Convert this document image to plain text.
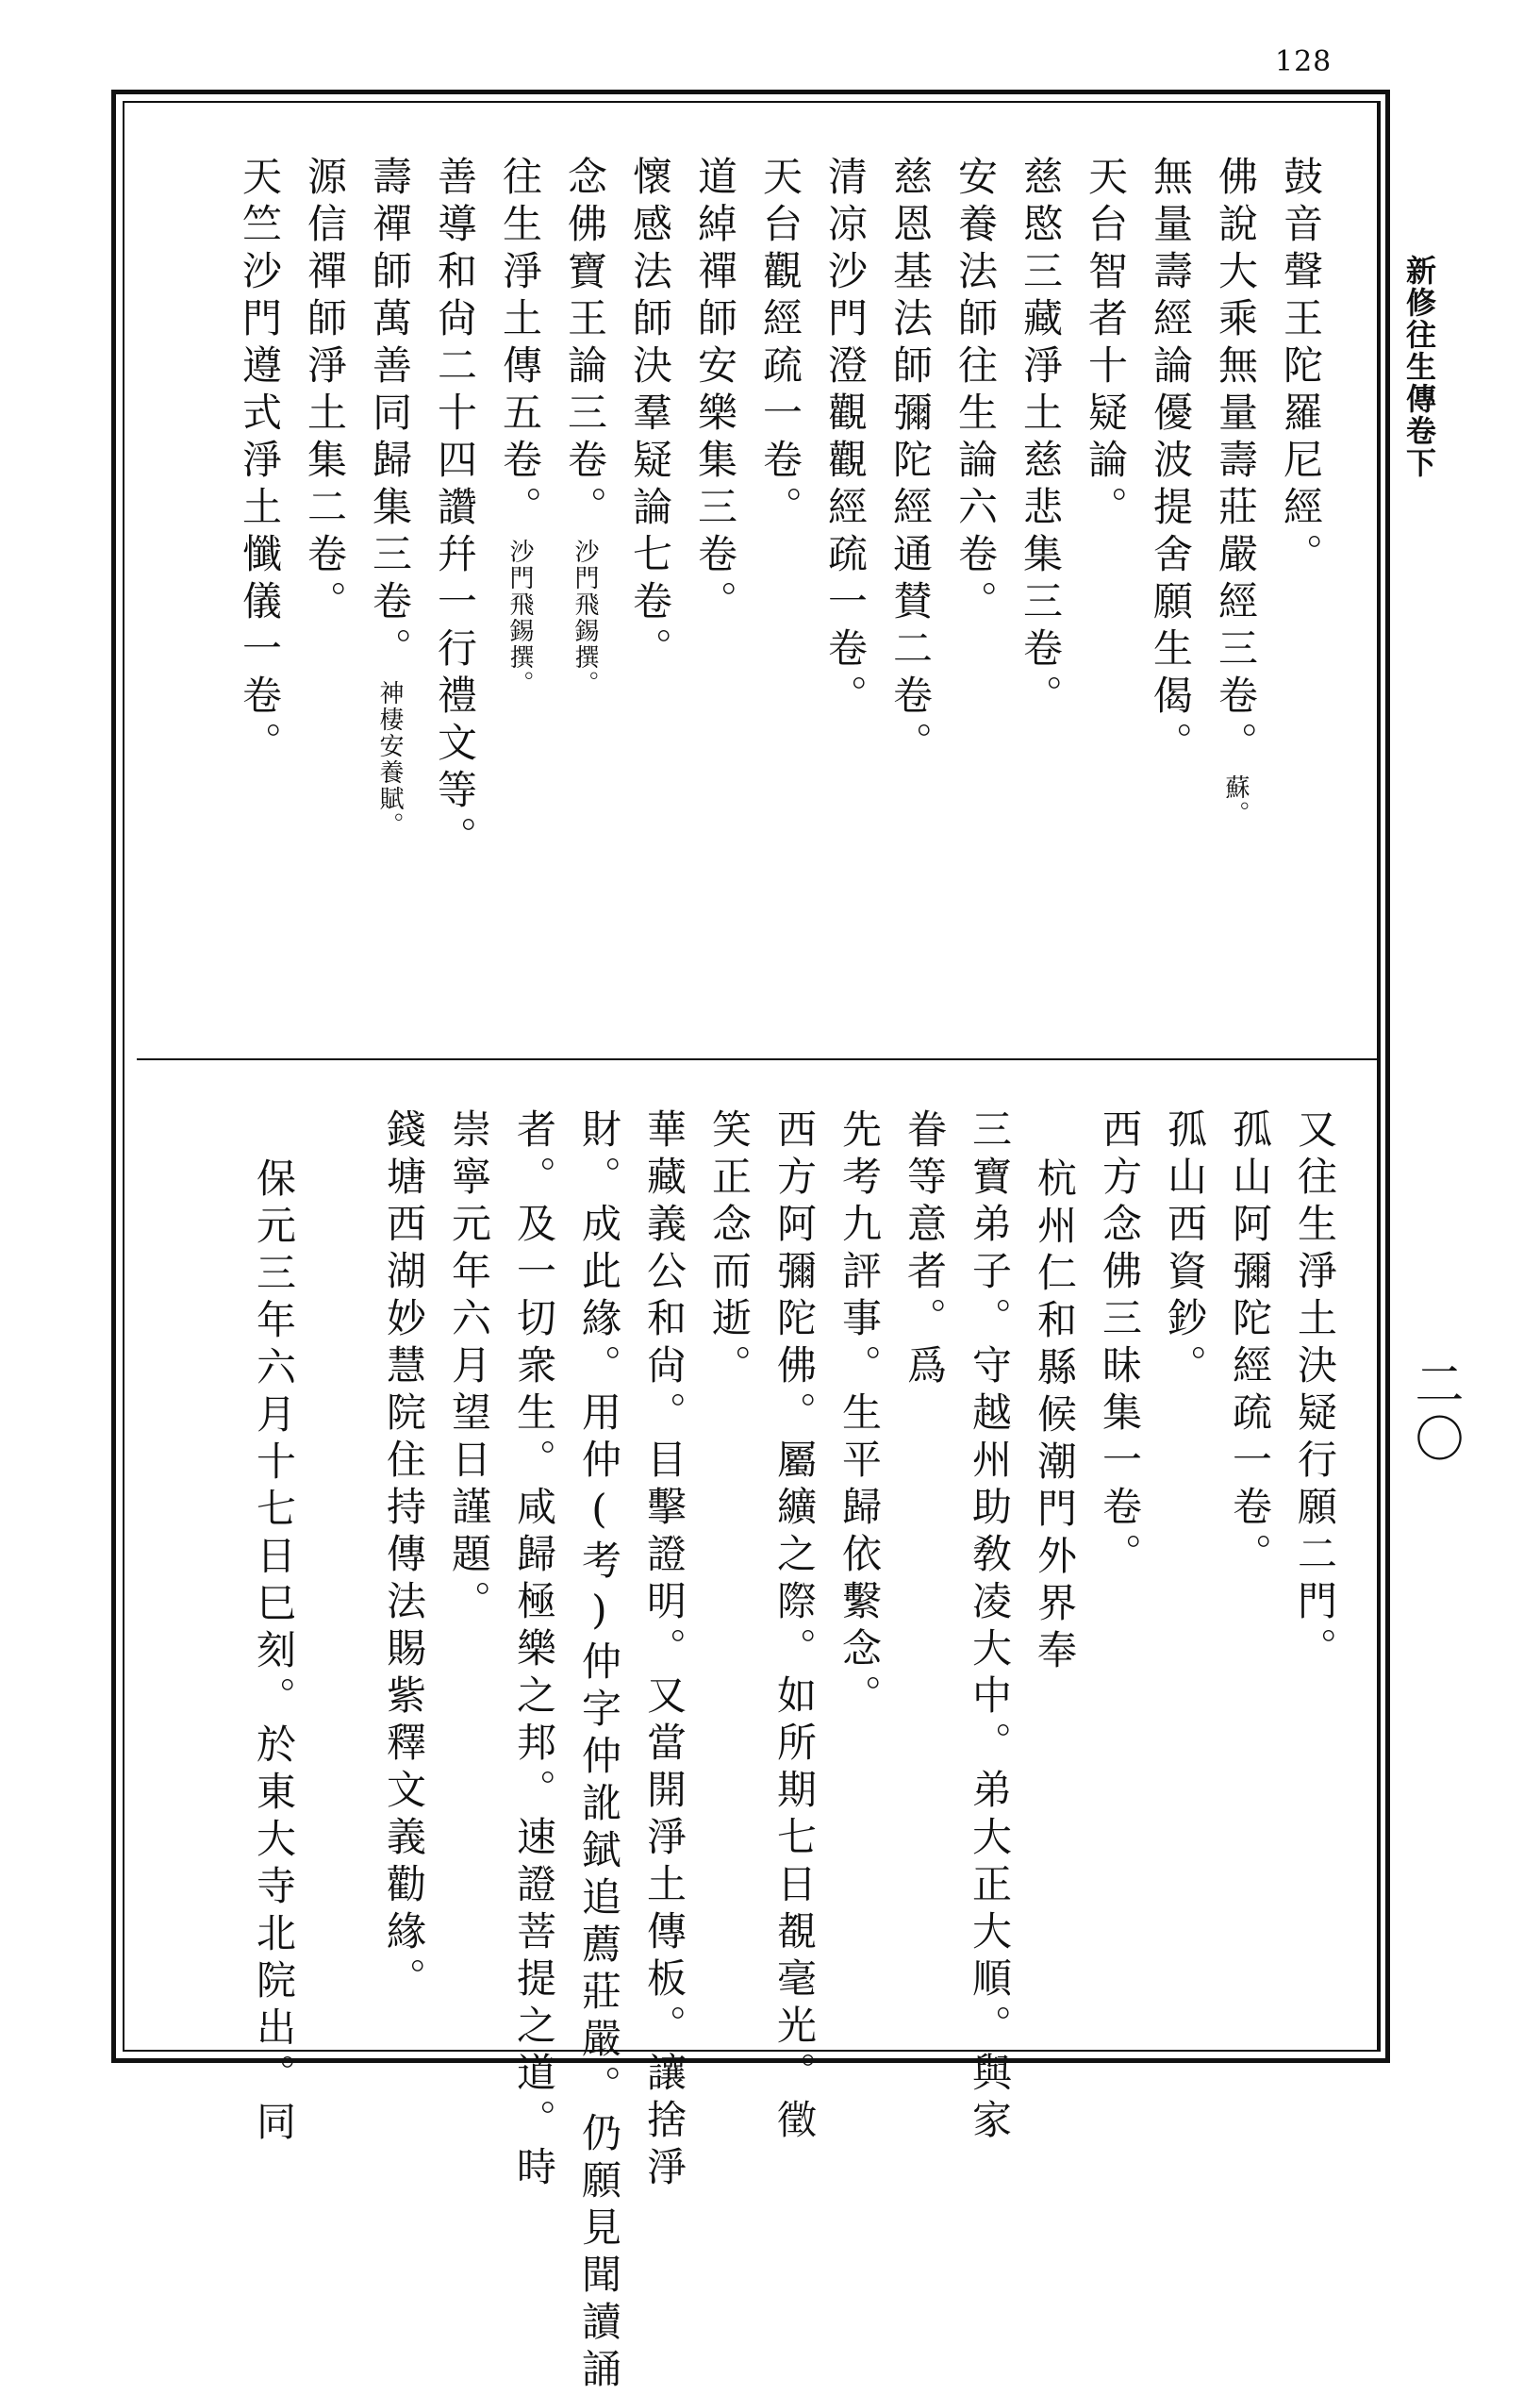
128
新修往生傳卷下
二〇
鼓音聲王陀羅尼經。
佛說大乘無量壽莊嚴經三卷。蘇。
無量壽經論優波提舍願生偈。
天台智者十疑論。
慈愍三藏淨土慈悲集三卷。
安養法師往生論六卷。
慈恩基法師彌陀經通賛二卷。
清凉沙門澄觀觀經疏一卷。
天台觀經疏一卷。
道綽禪師安樂集三卷。
懷感法師決羣疑論七卷。
念佛寶王論三卷。沙門飛錫撰。
往生淨土傳五卷。沙門飛錫撰。
善導和尙二十四讚幷一行禮文等。
壽禪師萬善同歸集三卷。神棲安養賦。
源信禪師淨土集二卷。
天竺沙門遵式淨土懺儀一卷。
又往生淨土決疑行願二門。
孤山阿彌陀經疏一卷。
孤山西資鈔。
西方念佛三昧集一卷。
杭州仁和縣候潮門外界奉
三寶弟子。守越州助敎凌大中。弟大正大順。與家
眷等意者。爲
先考九評事。生平歸依繫念。
西方阿彌陀佛。屬纊之際。如所期七日覩毫光。徵
笑正念而逝。
華藏義公和尙。目擊證明。又當開淨土傳板。讓捨淨
財。成此緣。用仲(考)仲字仲訛錻追薦莊嚴。仍願見聞讀誦
者。及一切衆生。咸歸極樂之邦。速證菩提之道。時
崇寧元年六月望日謹題。
錢塘西湖妙慧院住持傳法賜紫釋文義勸緣。
保元三年六月十七日巳刻。於東大寺北院出。同
